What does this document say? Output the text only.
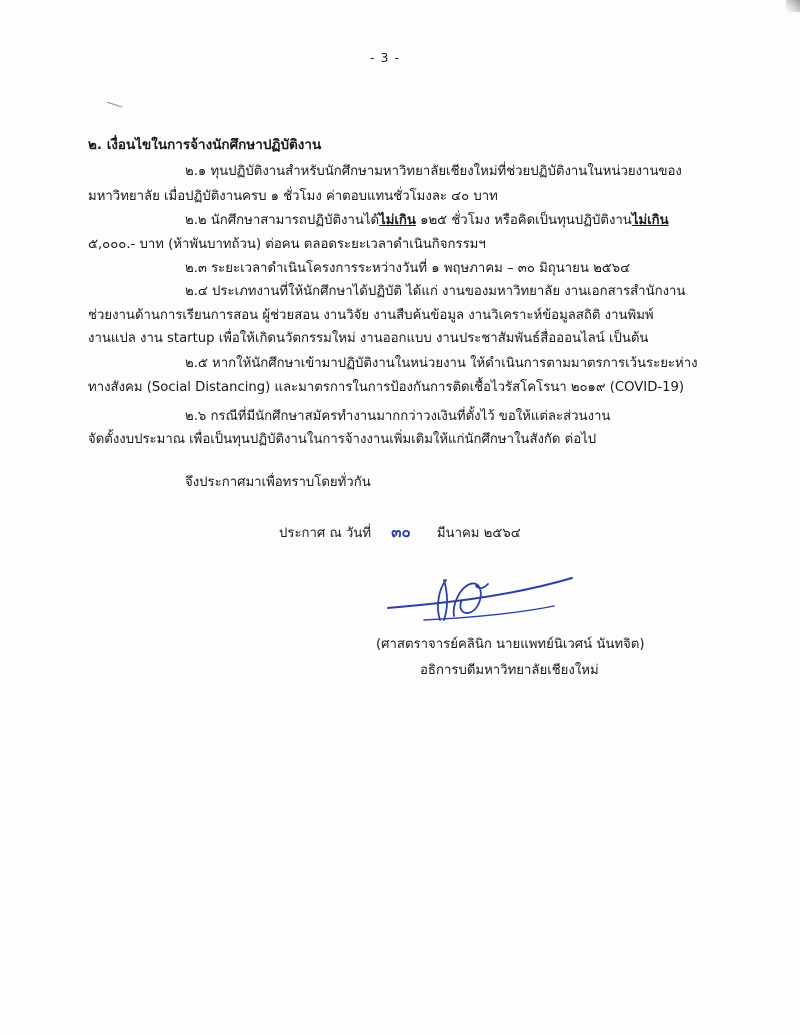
- 3 -
๒. เงื่อนไขในการจ้างนักศึกษาปฏิบัติงาน
๒.๑ ทุนปฏิบัติงานสำหรับนักศึกษามหาวิทยาลัยเชียงใหม่ที่ช่วยปฏิบัติงานในหน่วยงานของ
มหาวิทยาลัย เมื่อปฏิบัติงานครบ ๑ ชั่วโมง ค่าตอบแทนชั่วโมงละ ๔๐ บาท
๒.๒ นักศึกษาสามารถปฏิบัติงานได้ไม่เกิน ๑๒๕ ชั่วโมง หรือคิดเป็นทุนปฏิบัติงานไม่เกิน
๕,๐๐๐.- บาท (ห้าพันบาทถ้วน) ต่อคน ตลอดระยะเวลาดำเนินกิจกรรมฯ
๒.๓ ระยะเวลาดำเนินโครงการระหว่างวันที่ ๑ พฤษภาคม – ๓๐ มิถุนายน ๒๕๖๔
๒.๔ ประเภทงานที่ให้นักศึกษาได้ปฏิบัติ ได้แก่ งานของมหาวิทยาลัย งานเอกสารสำนักงาน
ช่วยงานด้านการเรียนการสอน ผู้ช่วยสอน งานวิจัย งานสืบค้นข้อมูล งานวิเคราะห์ข้อมูลสถิติ งานพิมพ์
งานแปล งาน startup เพื่อให้เกิดนวัตกรรมใหม่ งานออกแบบ งานประชาสัมพันธ์สื่อออนไลน์ เป็นต้น
๒.๕ หากให้นักศึกษาเข้ามาปฏิบัติงานในหน่วยงาน ให้ดำเนินการตามมาตรการเว้นระยะห่าง
ทางสังคม (Social Distancing) และมาตรการในการป้องกันการติดเชื้อไวรัสโคโรนา ๒๐๑๙ (COVID-19)
๒.๖ กรณีที่มีนักศึกษาสมัครทำงานมากกว่าวงเงินที่ตั้งไว้ ขอให้แต่ละส่วนงาน
จัดตั้งงบประมาณ เพื่อเป็นทุนปฏิบัติงานในการจ้างงานเพิ่มเติมให้แก่นักศึกษาในสังกัด ต่อไป
จึงประกาศมาเพื่อทราบโดยทั่วกัน
ประกาศ ณ วันที่ ๓๐ มีนาคม ๒๕๖๔
(ศาสตราจารย์คลินิก นายแพทย์นิเวศน์ นันทจิต)
อธิการบดีมหาวิทยาลัยเชียงใหม่
